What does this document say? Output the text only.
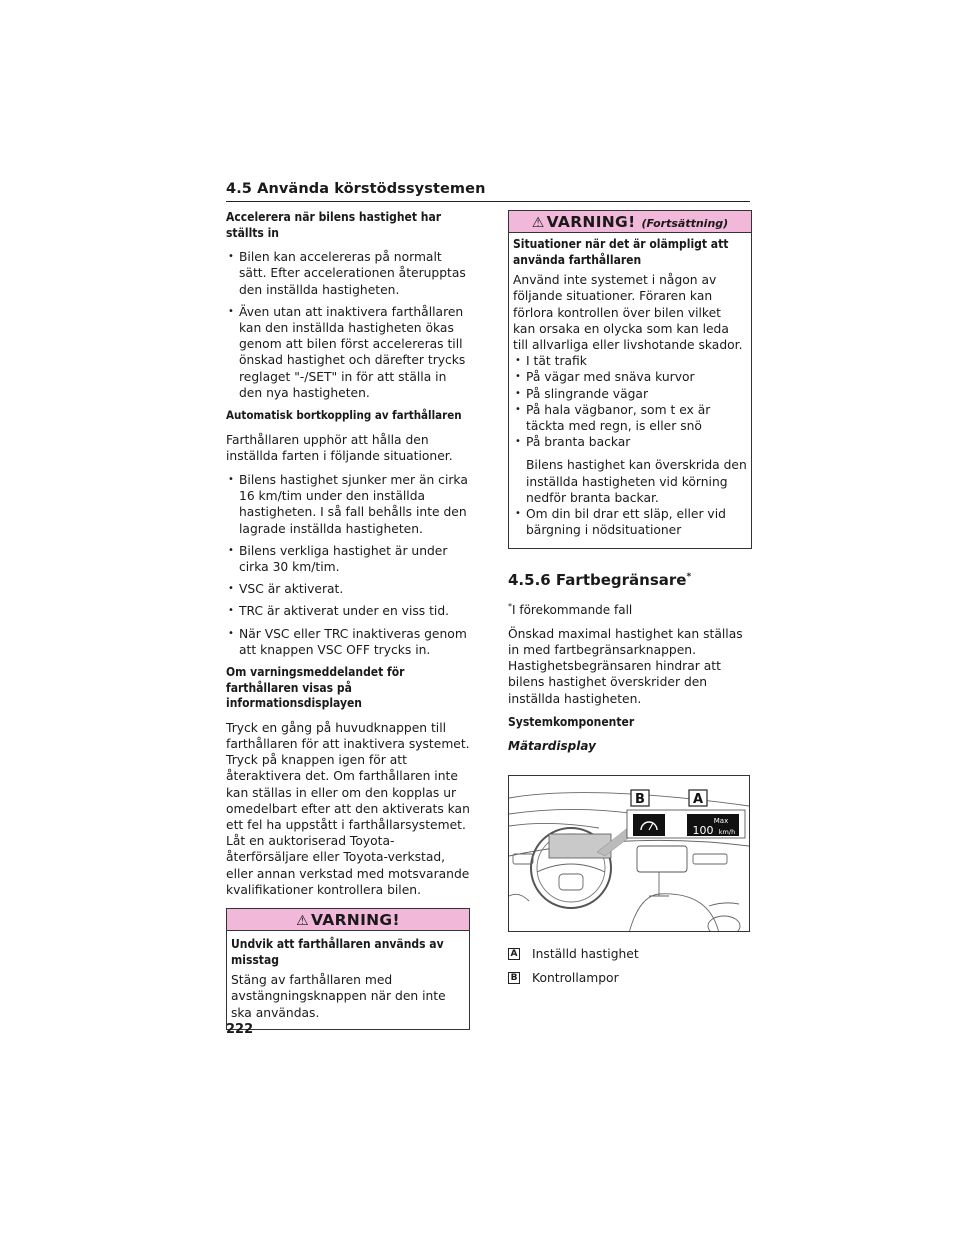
4.5 Använda körstödssystemen
Accelerera när bilens hastighet har ställts in
• Bilen kan accelereras på normalt sätt. Efter accelerationen återupptas den inställda hastigheten.
• Även utan att inaktivera farthållaren kan den inställda hastigheten ökas genom att bilen först accelereras till önskad hastighet och därefter trycks reglaget "-/SET" in för att ställa in den nya hastigheten.
Automatisk bortkoppling av farthållaren

Farthållaren upphör att hålla den inställda farten i följande situationer.

• Bilens hastighet sjunker mer än cirka 16 km/tim under den inställda hastigheten. I så fall behålls inte den lagrade inställda hastigheten.
• Bilens verkliga hastighet är under cirka 30 km/tim.
• VSC är aktiverat.
• TRC är aktiverat under en viss tid.
• När VSC eller TRC inaktiveras genom att knappen VSC OFF trycks in.
Om varningsmeddelandet för farthållaren visas på informationsdisplayen

Tryck en gång på huvudknappen till farthållaren för att inaktivera systemet. Tryck på knappen igen för att återaktivera det. Om farthållaren inte kan ställas in eller om den kopplas ur omedelbart efter att den aktiverats kan ett fel ha uppstått i farthållarsystemet. Låt en auktoriserad Toyota-återförsäljare eller Toyota-verkstad, eller annan verkstad med motsvarande kvalifikationer kontrollera bilen.

⚠ VARNING!
Undvik att farthållaren används av misstag

Stäng av farthållaren med avstängningsknappen när den inte ska användas.

⚠ VARNING! (Fortsättning)
Situationer när det är olämpligt att använda farthållaren

Använd inte systemet i någon av följande situationer. Föraren kan förlora kontrollen över bilen vilket kan orsaka en olycka som kan leda till allvarliga eller livshotande skador.

• I tät trafik
• På vägar med snäva kurvor
• På slingrande vägar
• På hala vägbanor, som t ex är täckta med regn, is eller snö
• På branta backar

Bilens hastighet kan överskrida den inställda hastigheten vid körning nedför branta backar.

• Om din bil drar ett släp, eller vid bärgning i nödsituationer
4.5.6 Fartbegränsare*
*I förekommande fall

Önskad maximal hastighet kan ställas in med fartbegränsarknappen. Hastighetsbegränsaren hindrar att bilens hastighet överskrider den inställda hastigheten.

Systemkomponenter
Mätardisplay
B	A
Max
100 km/h
A Inställd hastighet
B Kontrollampor
222
